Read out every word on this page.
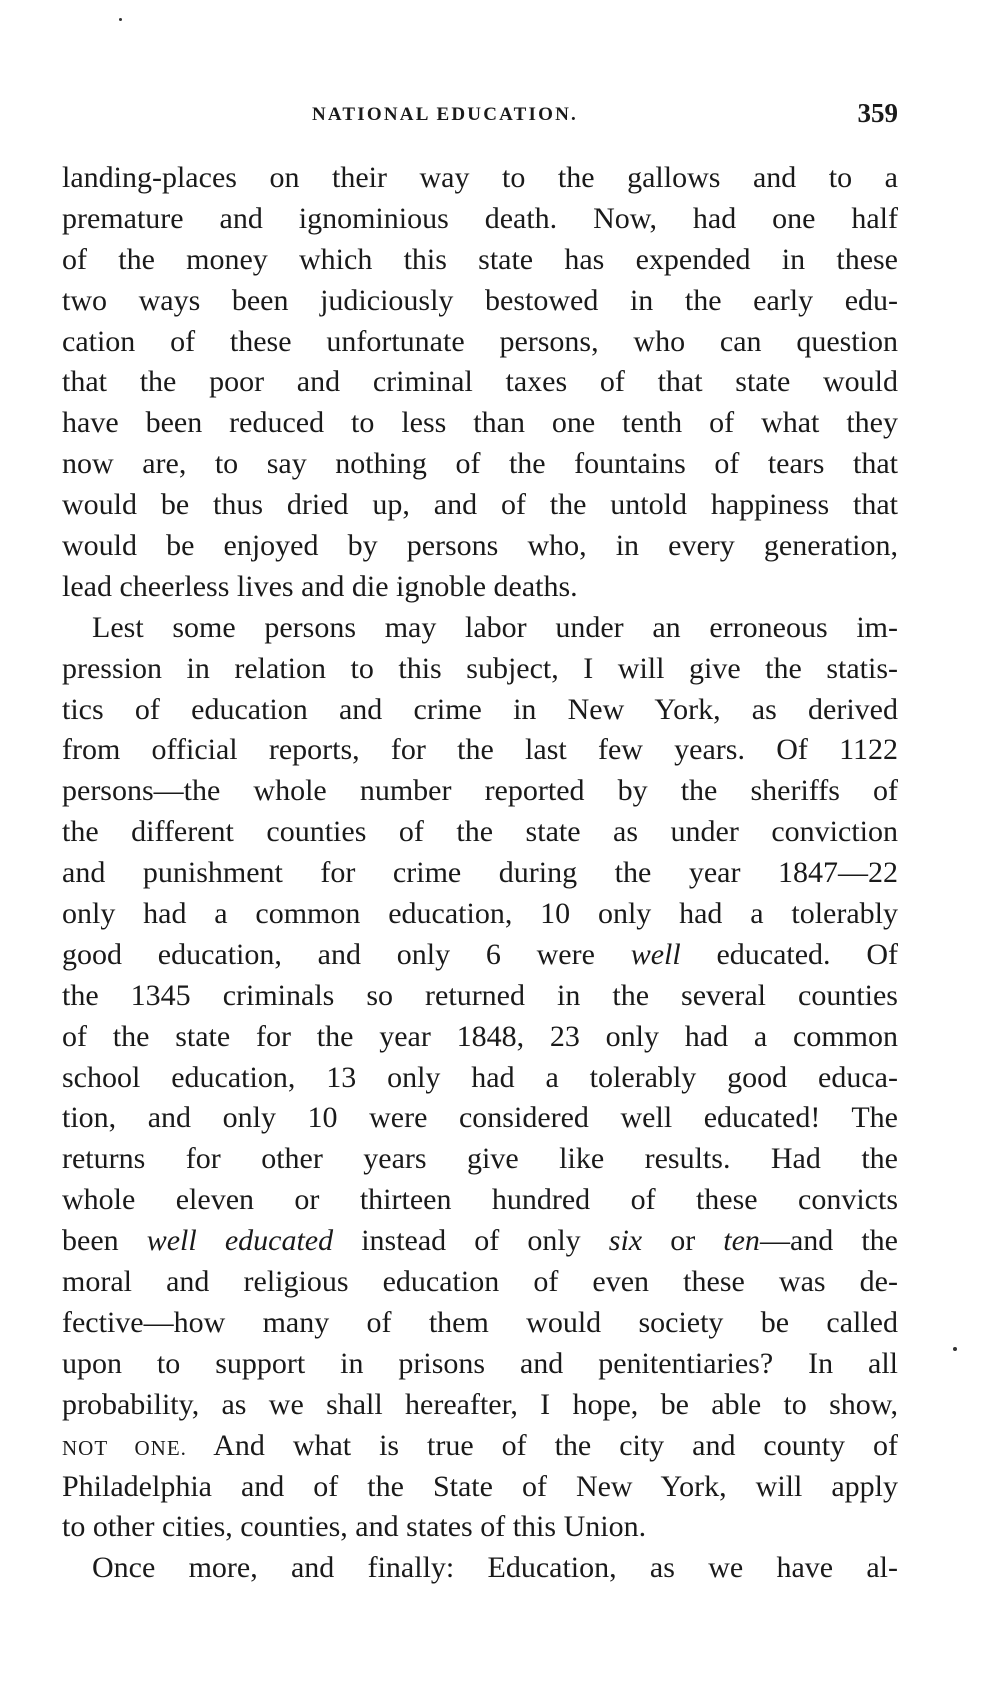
NATIONAL EDUCATION.	359
landing-places on their way to the gallows and to a
premature and ignominious death. Now, had one half
of the money which this state has expended in these
two ways been judiciously bestowed in the early edu-
cation of these unfortunate persons, who can question
that the poor and criminal taxes of that state would
have been reduced to less than one tenth of what they
now are, to say nothing of the fountains of tears that
would be thus dried up, and of the untold happiness that
would be enjoyed by persons who, in every generation,
lead cheerless lives and die ignoble deaths.
Lest some persons may labor under an erroneous im-
pression in relation to this subject, I will give the statis-
tics of education and crime in New York, as derived
from official reports, for the last few years. Of 1122
persons—the whole number reported by the sheriffs of
the different counties of the state as under conviction
and punishment for crime during the year 1847—22
only had a common education, 10 only had a tolerably
good education, and only 6 were well educated. Of
the 1345 criminals so returned in the several counties
of the state for the year 1848, 23 only had a common
school education, 13 only had a tolerably good educa-
tion, and only 10 were considered well educated! The
returns for other years give like results. Had the
whole eleven or thirteen hundred of these convicts
been well educated instead of only six or ten—and the
moral and religious education of even these was de-
fective—how many of them would society be called
upon to support in prisons and penitentiaries? In all
probability, as we shall hereafter, I hope, be able to show,
NOT ONE. And what is true of the city and county of
Philadelphia and of the State of New York, will apply
to other cities, counties, and states of this Union.
Once more, and finally: Education, as we have al-
